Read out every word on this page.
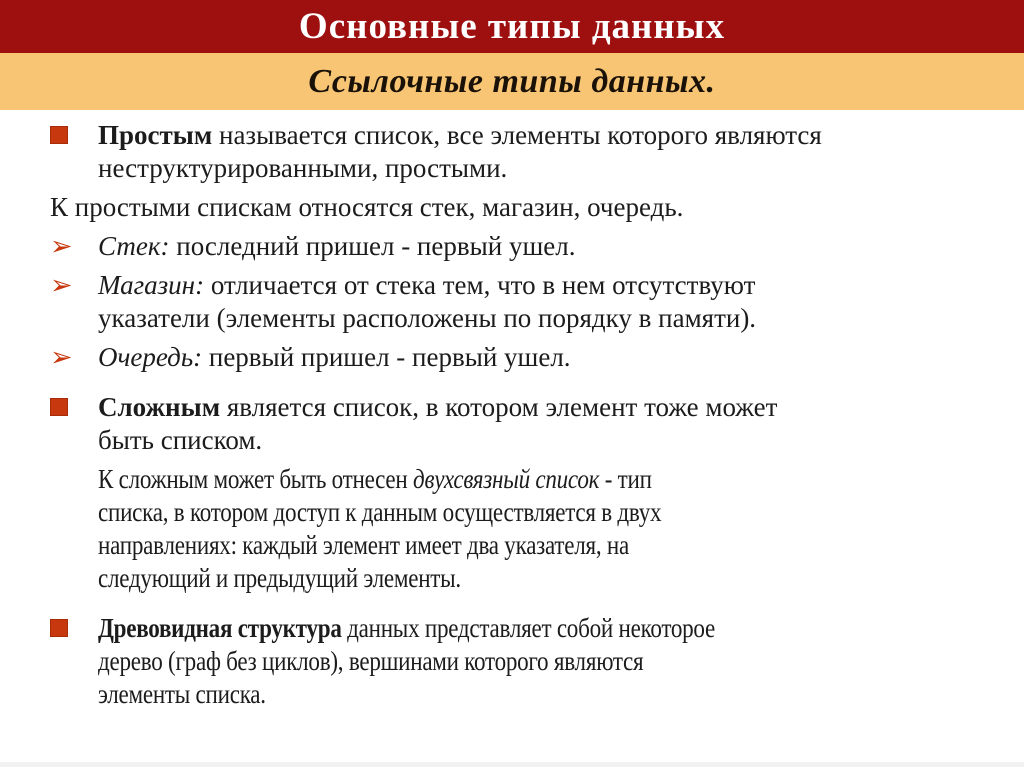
Основные типы данных
Ссылочные типы данных.
Простым называется список, все элементы которого являются
неструктурированными, простыми.
К простыми спискам относятся стек, магазин, очередь.
➢ Стек: последний пришел - первый ушел.
➢ Магазин: отличается от стека тем, что в нем отсутствуют
указатели (элементы расположены по порядку в памяти).
➢ Очередь: первый пришел - первый ушел.
Сложным является список, в котором элемент тоже может
быть списком.
К сложным может быть отнесен двухсвязный список - тип
списка, в котором доступ к данным осуществляется в двух
направлениях: каждый элемент имеет два указателя, на
следующий и предыдущий элементы.
Древовидная структура данных представляет собой некоторое
дерево (граф без циклов), вершинами которого являются
элементы списка.
